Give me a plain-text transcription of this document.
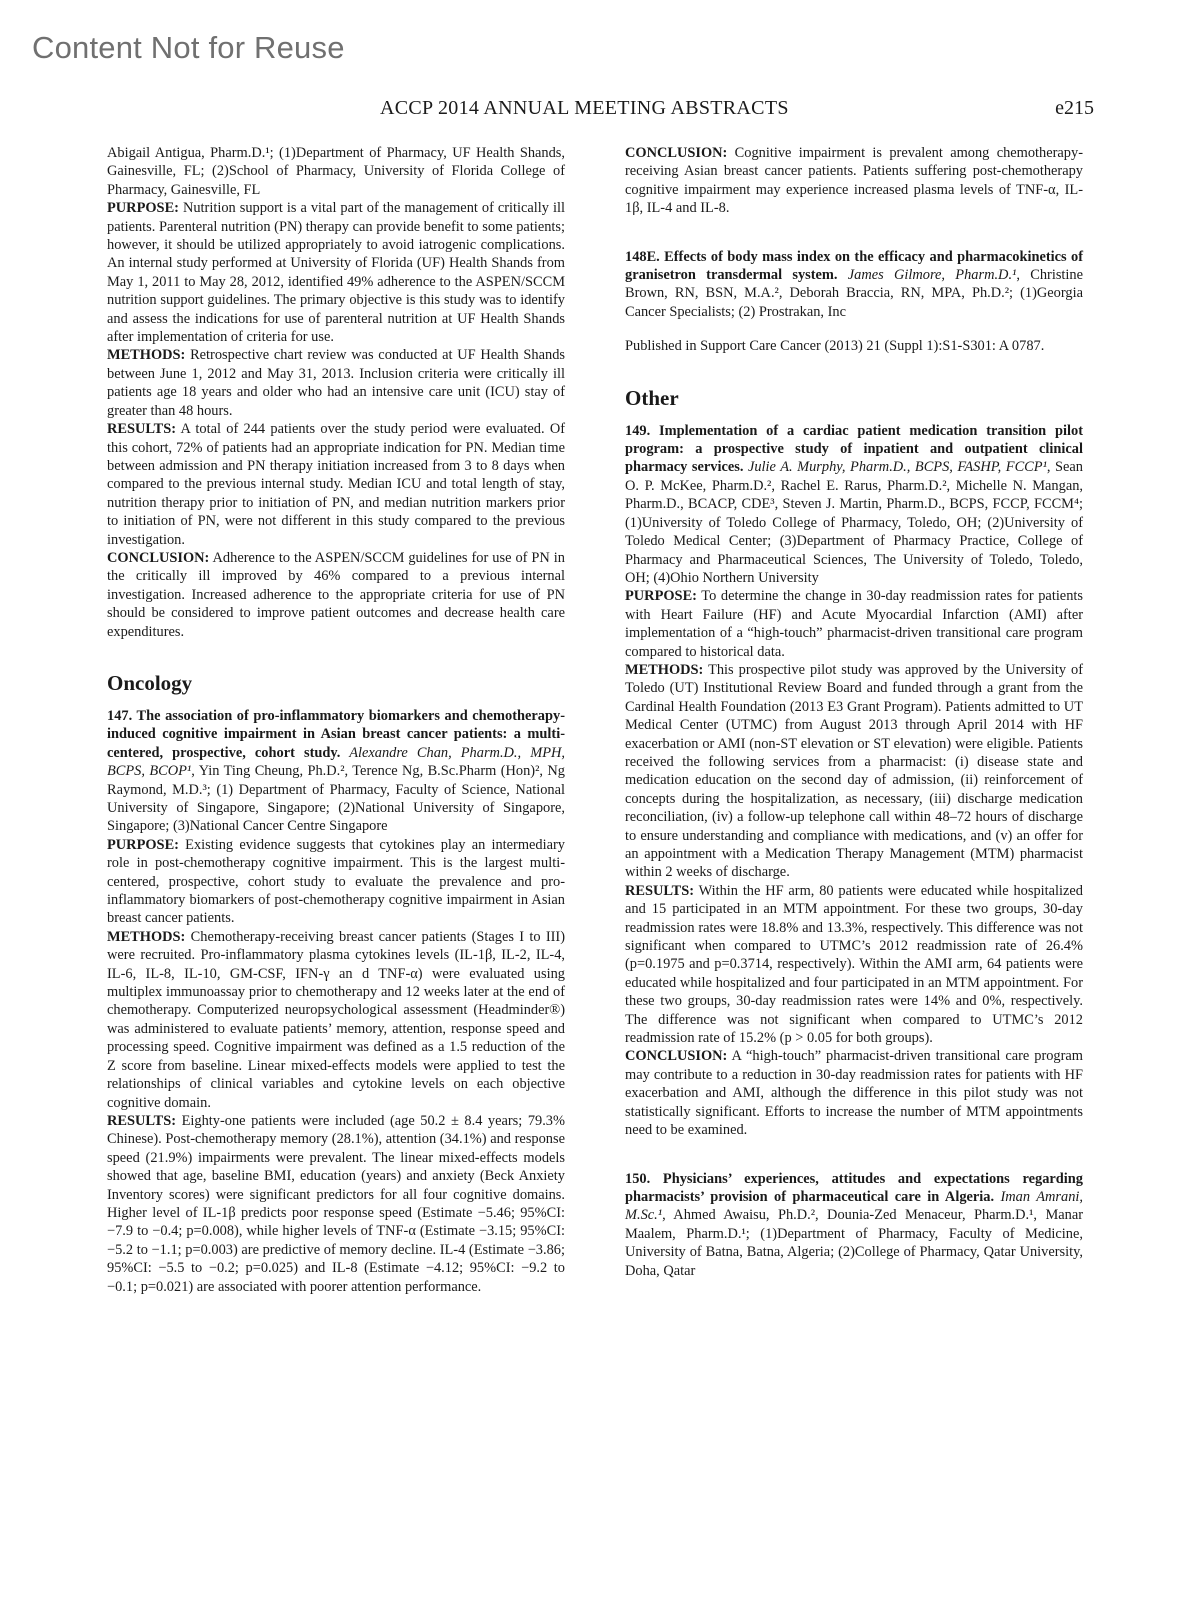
Content Not for Reuse
ACCP 2014 ANNUAL MEETING ABSTRACTS	e215

Abigail Antigua, Pharm.D.¹; (1)Department of Pharmacy, UF Health Shands, Gainesville, FL; (2)School of Pharmacy, University of Florida College of Pharmacy, Gainesville, FL

PURPOSE: Nutrition support is a vital part of the management of critically ill patients. Parenteral nutrition (PN) therapy can provide benefit to some patients; however, it should be utilized appropriately to avoid iatrogenic complications. An internal study performed at University of Florida (UF) Health Shands from May 1, 2011 to May 28, 2012, identified 49% adherence to the ASPEN/SCCM nutrition support guidelines. The primary objective is this study was to identify and assess the indications for use of parenteral nutrition at UF Health Shands after implementation of criteria for use.

METHODS: Retrospective chart review was conducted at UF Health Shands between June 1, 2012 and May 31, 2013. Inclusion criteria were critically ill patients age 18 years and older who had an intensive care unit (ICU) stay of greater than 48 hours.

RESULTS: A total of 244 patients over the study period were evaluated. Of this cohort, 72% of patients had an appropriate indication for PN. Median time between admission and PN therapy initiation increased from 3 to 8 days when compared to the previous internal study. Median ICU and total length of stay, nutrition therapy prior to initiation of PN, and median nutrition markers prior to initiation of PN, were not different in this study compared to the previous investigation.

CONCLUSION: Adherence to the ASPEN/SCCM guidelines for use of PN in the critically ill improved by 46% compared to a previous internal investigation. Increased adherence to the appropriate criteria for use of PN should be considered to improve patient outcomes and decrease health care expenditures.

Oncology

147. The association of pro-inflammatory biomarkers and chemotherapy-induced cognitive impairment in Asian breast cancer patients: a multi-centered, prospective, cohort study. Alexandre Chan, Pharm.D., MPH, BCPS, BCOP¹, Yin Ting Cheung, Ph.D.², Terence Ng, B.Sc.Pharm (Hon)², Ng Raymond, M.D.³; (1) Department of Pharmacy, Faculty of Science, National University of Singapore, Singapore; (2)National University of Singapore, Singapore; (3)National Cancer Centre Singapore

PURPOSE: Existing evidence suggests that cytokines play an intermediary role in post-chemotherapy cognitive impairment. This is the largest multi-centered, prospective, cohort study to evaluate the prevalence and pro-inflammatory biomarkers of post-chemotherapy cognitive impairment in Asian breast cancer patients.

METHODS: Chemotherapy-receiving breast cancer patients (Stages I to III) were recruited. Pro-inflammatory plasma cytokines levels (IL-1β, IL-2, IL-4, IL-6, IL-8, IL-10, GM-CSF, IFN-γ an d TNF-α) were evaluated using multiplex immunoassay prior to chemotherapy and 12 weeks later at the end of chemotherapy. Computerized neuropsychological assessment (Headminder®) was administered to evaluate patients’ memory, attention, response speed and processing speed. Cognitive impairment was defined as a 1.5 reduction of the Z score from baseline. Linear mixed-effects models were applied to test the relationships of clinical variables and cytokine levels on each objective cognitive domain.

RESULTS: Eighty-one patients were included (age 50.2 ± 8.4 years; 79.3% Chinese). Post-chemotherapy memory (28.1%), attention (34.1%) and response speed (21.9%) impairments were prevalent. The linear mixed-effects models showed that age, baseline BMI, education (years) and anxiety (Beck Anxiety Inventory scores) were significant predictors for all four cognitive domains. Higher level of IL-1β predicts poor response speed (Estimate −5.46; 95%CI: −7.9 to −0.4; p=0.008), while higher levels of TNF-α (Estimate −3.15; 95%CI: −5.2 to −1.1; p=0.003) are predictive of memory decline. IL-4 (Estimate −3.86; 95%CI: −5.5 to −0.2; p=0.025) and IL-8 (Estimate −4.12; 95%CI: −9.2 to −0.1; p=0.021) are associated with poorer attention performance.

CONCLUSION: Cognitive impairment is prevalent among chemotherapy-receiving Asian breast cancer patients. Patients suffering post-chemotherapy cognitive impairment may experience increased plasma levels of TNF-α, IL-1β, IL-4 and IL-8.

148E. Effects of body mass index on the efficacy and pharmacokinetics of granisetron transdermal system. James Gilmore, Pharm.D.¹, Christine Brown, RN, BSN, M.A.², Deborah Braccia, RN, MPA, Ph.D.²; (1)Georgia Cancer Specialists; (2) Prostrakan, Inc

Published in Support Care Cancer (2013) 21 (Suppl 1):S1-S301: A 0787.

Other

149. Implementation of a cardiac patient medication transition pilot program: a prospective study of inpatient and outpatient clinical pharmacy services. Julie A. Murphy, Pharm.D., BCPS, FASHP, FCCP¹, Sean O. P. McKee, Pharm.D.², Rachel E. Rarus, Pharm.D.², Michelle N. Mangan, Pharm.D., BCACP, CDE³, Steven J. Martin, Pharm.D., BCPS, FCCP, FCCM⁴; (1)University of Toledo College of Pharmacy, Toledo, OH; (2)University of Toledo Medical Center; (3)Department of Pharmacy Practice, College of Pharmacy and Pharmaceutical Sciences, The University of Toledo, Toledo, OH; (4)Ohio Northern University

PURPOSE: To determine the change in 30-day readmission rates for patients with Heart Failure (HF) and Acute Myocardial Infarction (AMI) after implementation of a “high-touch” pharmacist-driven transitional care program compared to historical data.

METHODS: This prospective pilot study was approved by the University of Toledo (UT) Institutional Review Board and funded through a grant from the Cardinal Health Foundation (2013 E3 Grant Program). Patients admitted to UT Medical Center (UTMC) from August 2013 through April 2014 with HF exacerbation or AMI (non-ST elevation or ST elevation) were eligible. Patients received the following services from a pharmacist: (i) disease state and medication education on the second day of admission, (ii) reinforcement of concepts during the hospitalization, as necessary, (iii) discharge medication reconciliation, (iv) a follow-up telephone call within 48–72 hours of discharge to ensure understanding and compliance with medications, and (v) an offer for an appointment with a Medication Therapy Management (MTM) pharmacist within 2 weeks of discharge.

RESULTS: Within the HF arm, 80 patients were educated while hospitalized and 15 participated in an MTM appointment. For these two groups, 30-day readmission rates were 18.8% and 13.3%, respectively. This difference was not significant when compared to UTMC’s 2012 readmission rate of 26.4% (p=0.1975 and p=0.3714, respectively). Within the AMI arm, 64 patients were educated while hospitalized and four participated in an MTM appointment. For these two groups, 30-day readmission rates were 14% and 0%, respectively. The difference was not significant when compared to UTMC’s 2012 readmission rate of 15.2% (p > 0.05 for both groups).

CONCLUSION: A “high-touch” pharmacist-driven transitional care program may contribute to a reduction in 30-day readmission rates for patients with HF exacerbation and AMI, although the difference in this pilot study was not statistically significant. Efforts to increase the number of MTM appointments need to be examined.

150. Physicians’ experiences, attitudes and expectations regarding pharmacists’ provision of pharmaceutical care in Algeria. Iman Amrani, M.Sc.¹, Ahmed Awaisu, Ph.D.², Dounia-Zed Menaceur, Pharm.D.¹, Manar Maalem, Pharm.D.¹; (1)Department of Pharmacy, Faculty of Medicine, University of Batna, Batna, Algeria; (2)College of Pharmacy, Qatar University, Doha, Qatar
